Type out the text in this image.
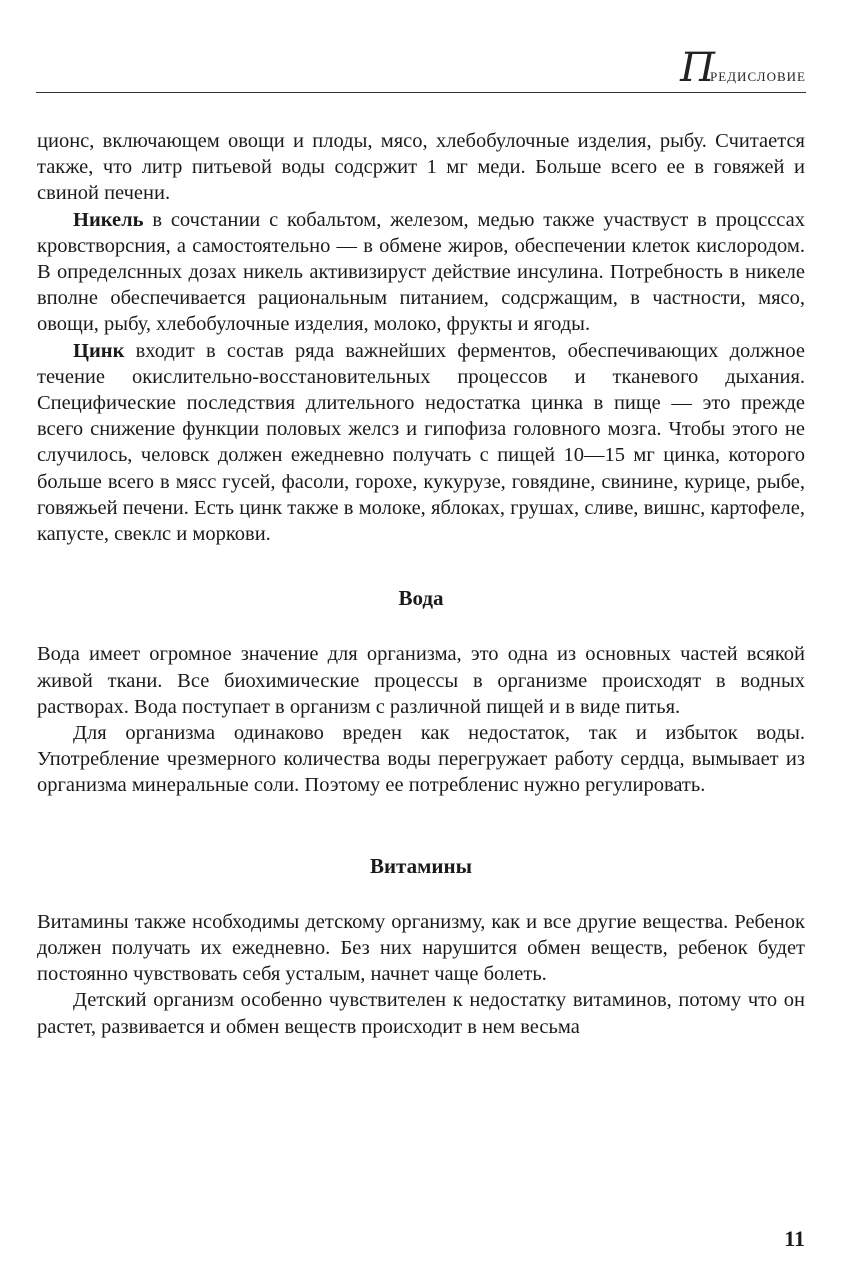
Предисловие

ционс, включающем овощи и плоды, мясо, хлебобулочные изделия, рыбу. Считается также, что литр питьевой воды содсржит 1 мг меди. Больше всего ее в говяжей и свиной печени.

Никель в сочстании с кобальтом, железом, медью также участвуст в процсссах кровстворсния, а самостоятельно — в обмене жиров, обеспечении клеток кислородом. В определснных дозах никель активизируст действие инсулина. Потребность в никеле вполне обеспечивается рациональным питанием, содсржащим, в частности, мясо, овощи, рыбу, хлебобулочные изделия, молоко, фрукты и ягоды.

Цинк входит в состав ряда важнейших ферментов, обеспечивающих должное течение окислительно-восстановительных процессов и тканевого дыхания. Специфические последствия длительного недостатка цинка в пище — это прежде всего снижение функции половых желсз и гипофиза головного мозга. Чтобы этого не случилось, человск должен ежедневно получать с пищей 10—15 мг цинка, которого больше всего в мясс гусей, фасоли, горохе, кукурузе, говядине, свинине, курице, рыбе, говяжьей печени. Есть цинк также в молоке, яблоках, грушах, сливе, вишнс, картофеле, капусте, свеклс и моркови.

Вода

Вода имеет огромное значение для организма, это одна из основных частей всякой живой ткани. Все биохимические процессы в организме происходят в водных растворах. Вода поступает в организм с различной пищей и в виде питья.

Для организма одинаково вреден как недостаток, так и избыток воды. Употребление чрезмерного количества воды перегружает работу сердца, вымывает из организма минеральные соли. Поэтому ее потребленис нужно регулировать.

Витамины

Витамины также нсобходимы детскому организму, как и все другие вещества. Ребенок должен получать их ежедневно. Без них нарушится обмен веществ, ребенок будет постоянно чувствовать себя усталым, начнет чаще болеть.

Детский организм особенно чувствителен к недостатку витаминов, потому что он растет, развивается и обмен веществ происходит в нем весьма

11
